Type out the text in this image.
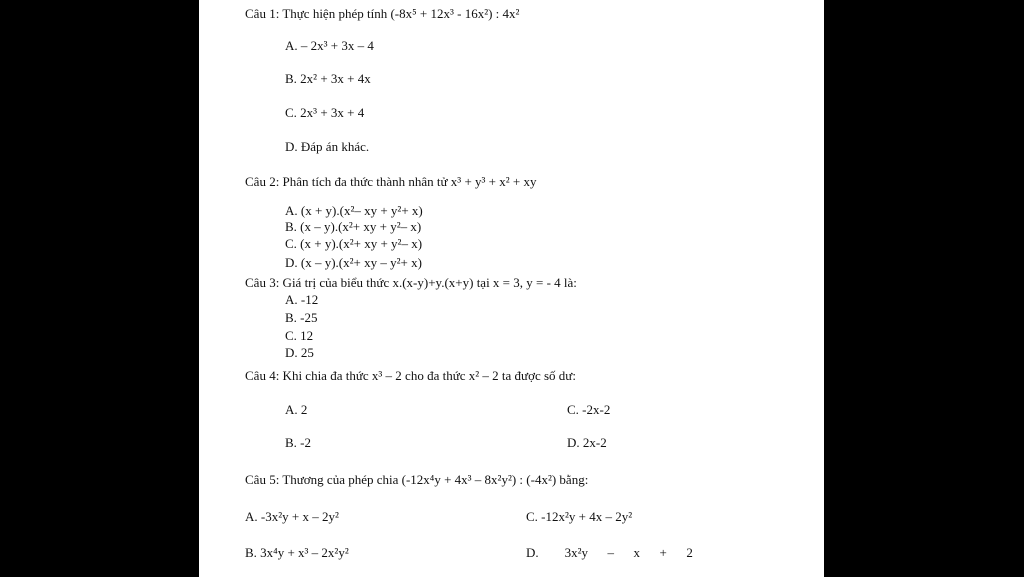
Câu 1: Thực hiện phép tính (-8x⁵ + 12x³ - 16x²) : 4x²
A. – 2x³ + 3x – 4
B. 2x² + 3x + 4x
C. 2x³ + 3x + 4
D. Đáp án khác.
Câu 2: Phân tích đa thức thành nhân tử x³ + y³ + x² + xy
A. (x + y).(x²– xy + y²+ x)
B. (x – y).(x²+ xy + y²– x)
C. (x + y).(x²+ xy + y²– x)
D. (x – y).(x²+ xy – y²+ x)
Câu 3: Giá trị của biểu thức x.(x-y)+y.(x+y) tại x = 3, y = - 4 là:
A. -12
B. -25
C. 12
D. 25
Câu 4: Khi chia đa thức x³ – 2 cho đa thức x² – 2 ta được số dư:
A. 2	C. -2x-2
B. -2	D. 2x-2
Câu 5: Thương của phép chia (-12x⁴y + 4x³ – 8x²y²) : (-4x²) bằng:
A. -3x²y + x – 2y²	C. -12x²y + 4x – 2y²
B. 3x⁴y + x³ – 2x²y²	D.        3x²y      –      x      +      2
